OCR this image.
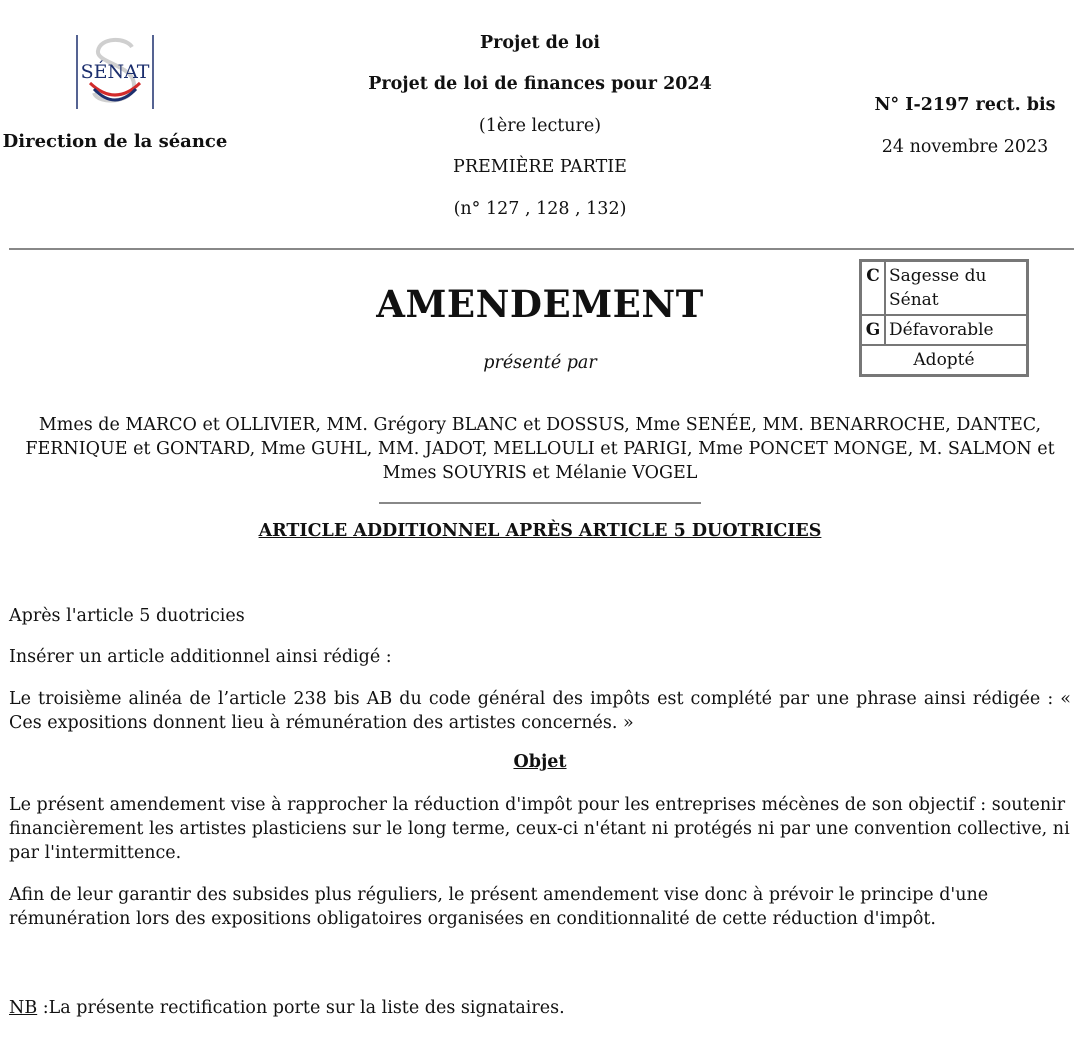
SÉNAT
Direction de la séance
Projet de loi
Projet de loi de finances pour 2024
(1ère lecture)
PREMIÈRE PARTIE
(n° 127 , 128 , 132)
N° I-2197 rect. bis
24 novembre 2023
C	Sagesse du Sénat
G	Défavorable
Adopté	
AMENDEMENT
présenté par
Mmes de MARCO et OLLIVIER, MM. Grégory BLANC et DOSSUS, Mme SENÉE, MM. BENARROCHE, DANTEC, FERNIQUE et GONTARD, Mme GUHL, MM. JADOT, MELLOULI et PARIGI, Mme PONCET MONGE, M. SALMON et Mmes SOUYRIS et Mélanie VOGEL
ARTICLE ADDITIONNEL APRÈS ARTICLE 5 DUOTRICIES
Après l'article 5 duotricies
Insérer un article additionnel ainsi rédigé :
Le troisième alinéa de l’article 238 bis AB du code général des impôts est complété par une phrase ainsi rédigée : « Ces expositions donnent lieu à rémunération des artistes concernés. »
Objet
Le présent amendement vise à rapprocher la réduction d'impôt pour les entreprises mécènes de son objectif : soutenir financièrement les artistes plasticiens sur le long terme, ceux-ci n'étant ni protégés ni par une convention collective, ni par l'intermittence.
Afin de leur garantir des subsides plus réguliers, le présent amendement vise donc à prévoir le principe d'une rémunération lors des expositions obligatoires organisées en conditionnalité de cette réduction d'impôt.
NB :La présente rectification porte sur la liste des signataires.
